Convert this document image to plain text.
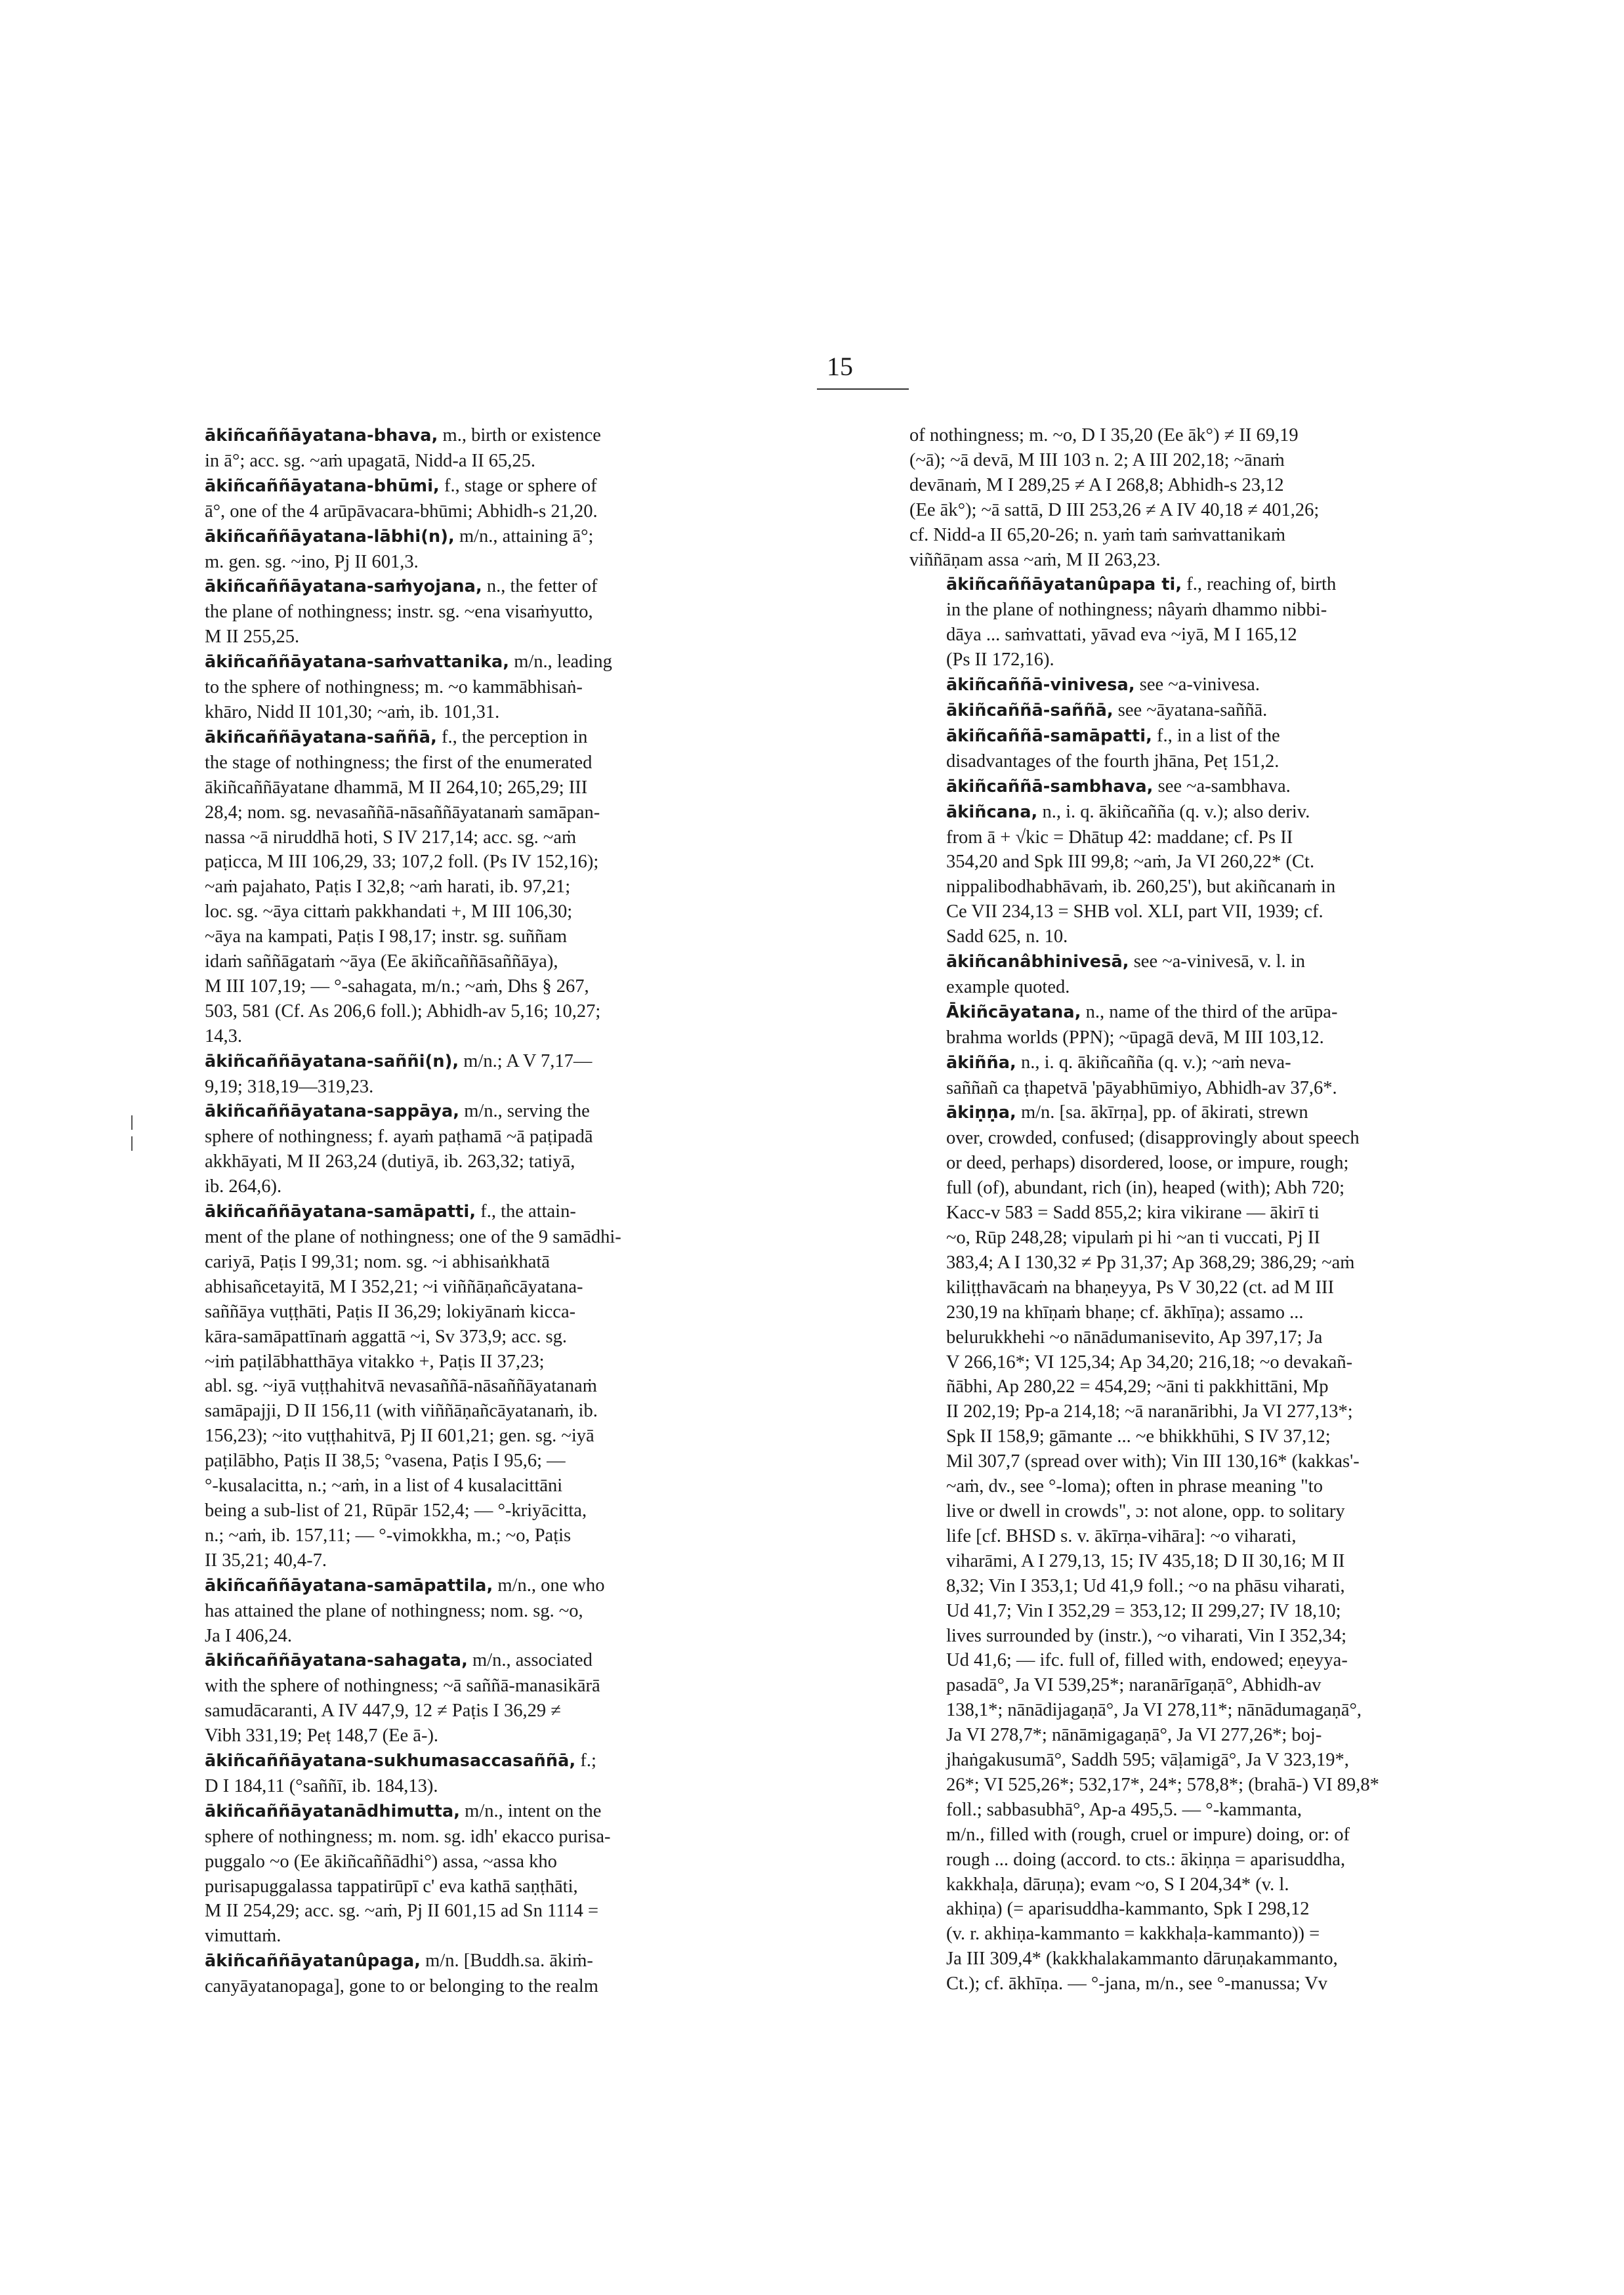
15

ākiñcaññāyatana-bhava, m., birth or existence
in ā°; acc. sg. ~aṁ upagatā, Nidd-a II 65,25.

ākiñcaññāyatana-bhūmi, f., stage or sphere of
ā°, one of the 4 arūpāvacara-bhūmi; Abhidh-s 21,20.

ākiñcaññāyatana-lābhi(n), m/n., attaining ā°;
m. gen. sg. ~ino, Pj II 601,3.

ākiñcaññāyatana-saṁyojana, n., the fetter of
the plane of nothingness; instr. sg. ~ena visaṁyutto,
M II 255,25.

ākiñcaññāyatana-saṁvattanika, m/n., leading
to the sphere of nothingness; m. ~o kammābhisaṅ-
khāro, Nidd II 101,30; ~aṁ, ib. 101,31.

ākiñcaññāyatana-saññā, f., the perception in
the stage of nothingness; the first of the enumerated
ākiñcaññāyatane dhammā, M II 264,10; 265,29; III
28,4; nom. sg. nevasaññā-nāsaññāyatanaṁ samāpan-
nassa ~ā niruddhā hoti, S IV 217,14; acc. sg. ~aṁ
paṭicca, M III 106,29, 33; 107,2 foll. (Ps IV 152,16);
~aṁ pajahato, Paṭis I 32,8; ~aṁ harati, ib. 97,21;
loc. sg. ~āya cittaṁ pakkhandati +, M III 106,30;
~āya na kampati, Paṭis I 98,17; instr. sg. suññam
idaṁ saññāgataṁ ~āya (Ee ākiñcaññāsaññāya),
M III 107,19; — °-sahagata, m/n.; ~aṁ, Dhs § 267,
503, 581 (Cf. As 206,6 foll.); Abhidh-av 5,16; 10,27;
14,3.

ākiñcaññāyatana-saññi(n), m/n.; A V 7,17—
9,19; 318,19—319,23.

ākiñcaññāyatana-sappāya, m/n., serving the
sphere of nothingness; f. ayaṁ paṭhamā ~ā paṭipadā
akkhāyati, M II 263,24 (dutiyā, ib. 263,32; tatiyā,
ib. 264,6).

ākiñcaññāyatana-samāpatti, f., the attain-
ment of the plane of nothingness; one of the 9 samādhi-
cariyā, Paṭis I 99,31; nom. sg. ~i abhisaṅkhatā
abhisañcetayitā, M I 352,21; ~i viññāṇañcāyatana-
saññāya vuṭṭhāti, Paṭis II 36,29; lokiyānaṁ kicca-
kāra-samāpattīnaṁ aggattā ~i, Sv 373,9; acc. sg.
~iṁ paṭilābhatthāya vitakko +, Paṭis II 37,23;
abl. sg. ~iyā vuṭṭhahitvā nevasaññā-nāsaññāyatanaṁ
samāpajji, D II 156,11 (with viññāṇañcāyatanaṁ, ib.
156,23); ~ito vuṭṭhahitvā, Pj II 601,21; gen. sg. ~iyā
paṭilābho, Paṭis II 38,5; °vasena, Paṭis I 95,6; —
°-kusalacitta, n.; ~aṁ, in a list of 4 kusalacittāni
being a sub-list of 21, Rūpār 152,4; — °-kriyācitta,
n.; ~aṁ, ib. 157,11; — °-vimokkha, m.; ~o, Paṭis
II 35,21; 40,4-7.

ākiñcaññāyatana-samāpattila, m/n., one who
has attained the plane of nothingness; nom. sg. ~o,
Ja I 406,24.

ākiñcaññāyatana-sahagata, m/n., associated
with the sphere of nothingness; ~ā saññā-manasikārā
samudācaranti, A IV 447,9, 12 ≠ Paṭis I 36,29 ≠
Vibh 331,19; Peṭ 148,7 (Ee ā-).

ākiñcaññāyatana-sukhumasaccasaññā, f.;
D I 184,11 (°saññī, ib. 184,13).

ākiñcaññāyatanādhimutta, m/n., intent on the
sphere of nothingness; m. nom. sg. idh' ekacco purisa-
puggalo ~o (Ee ākiñcaññādhi°) assa, ~assa kho
purisapuggalassa tappatirūpī c' eva kathā saṇṭhāti,
M II 254,29; acc. sg. ~aṁ, Pj II 601,15 ad Sn 1114 =
vimuttaṁ.

ākiñcaññāyatanûpaga, m/n. [Buddh.sa. ākiṁ-
canyāyatanopaga], gone to or belonging to the realm

of nothingness; m. ~o, D I 35,20 (Ee āk°) ≠ II 69,19
(~ā); ~ā devā, M III 103 n. 2; A III 202,18; ~ānaṁ
devānaṁ, M I 289,25 ≠ A I 268,8; Abhidh-s 23,12
(Ee āk°); ~ā sattā, D III 253,26 ≠ A IV 40,18 ≠ 401,26;
cf. Nidd-a II 65,20-26; n. yaṁ taṁ saṁvattanikaṁ
viññāṇam assa ~aṁ, M II 263,23.

ākiñcaññāyatanûpapa ti, f., reaching of, birth
in the plane of nothingness; nâyaṁ dhammo nibbi-
dāya ... saṁvattati, yāvad eva ~iyā, M I 165,12
(Ps II 172,16).

ākiñcaññā-vinivesa, see ~a-vinivesa.

ākiñcaññā-saññā, see ~āyatana-saññā.

ākiñcaññā-samāpatti, f., in a list of the
disadvantages of the fourth jhāna, Peṭ 151,2.

ākiñcaññā-sambhava, see ~a-sambhava.

ākiñcana, n., i. q. ākiñcañña (q. v.); also deriv.
from ā + √kic = Dhātup 42: maddane; cf. Ps II
354,20 and Spk III 99,8; ~aṁ, Ja VI 260,22* (Ct.
nippalibodhabhāvaṁ, ib. 260,25'), but akiñcanaṁ in
Ce VII 234,13 = SHB vol. XLI, part VII, 1939; cf.
Sadd 625, n. 10.

ākiñcanâbhinivesā, see ~a-vinivesā, v. l. in
example quoted.

Ākiñcāyatana, n., name of the third of the arūpa-
brahma worlds (PPN); ~ūpagā devā, M III 103,12.

ākiñña, n., i. q. ākiñcañña (q. v.); ~aṁ neva-
saññañ ca ṭhapetvā 'pāyabhūmiyo, Abhidh-av 37,6*.

ākiṇṇa, m/n. [sa. ākīrṇa], pp. of ākirati, strewn
over, crowded, confused; (disapprovingly about speech
or deed, perhaps) disordered, loose, or impure, rough;
full (of), abundant, rich (in), heaped (with); Abh 720;
Kacc-v 583 = Sadd 855,2; kira vikirane — ākirī ti
~o, Rūp 248,28; vipulaṁ pi hi ~an ti vuccati, Pj II
383,4; A I 130,32 ≠ Pp 31,37; Ap 368,29; 386,29; ~aṁ
kiliṭṭhavācaṁ na bhaṇeyya, Ps V 30,22 (ct. ad M III
230,19 na khīṇaṁ bhaṇe; cf. ākhīṇa); assamo ...
belurukkhehi ~o nānādumanisevito, Ap 397,17; Ja
V 266,16*; VI 125,34; Ap 34,20; 216,18; ~o devakañ-
ñābhi, Ap 280,22 = 454,29; ~āni ti pakkhittāni, Mp
II 202,19; Pp-a 214,18; ~ā naranāribhi, Ja VI 277,13*;
Spk II 158,9; gāmante ... ~e bhikkhūhi, S IV 37,12;
Mil 307,7 (spread over with); Vin III 130,16* (kakkas'-
~aṁ, dv., see °-loma); often in phrase meaning "to
live or dwell in crowds", ɔ: not alone, opp. to solitary
life [cf. BHSD s. v. ākīrṇa-vihāra]: ~o viharati,
viharāmi, A I 279,13, 15; IV 435,18; D II 30,16; M II
8,32; Vin I 353,1; Ud 41,9 foll.; ~o na phāsu viharati,
Ud 41,7; Vin I 352,29 = 353,12; II 299,27; IV 18,10;
lives surrounded by (instr.), ~o viharati, Vin I 352,34;
Ud 41,6; — ifc. full of, filled with, endowed; eṇeyya-
pasadā°, Ja VI 539,25*; naranārīgaṇā°, Abhidh-av
138,1*; nānādijagaṇā°, Ja VI 278,11*; nānādumagaṇā°,
Ja VI 278,7*; nānāmigagaṇā°, Ja VI 277,26*; boj-
jhaṅgakusumā°, Saddh 595; vāḷamigā°, Ja V 323,19*,
26*; VI 525,26*; 532,17*, 24*; 578,8*; (brahā-) VI 89,8*
foll.; sabbasubhā°, Ap-a 495,5. — °-kammanta,
m/n., filled with (rough, cruel or impure) doing, or: of
rough ... doing (accord. to cts.: ākiṇṇa = aparisuddha,
kakkhaḷa, dāruṇa); evam ~o, S I 204,34* (v. l.
akhiṇa) (= aparisuddha-kammanto, Spk I 298,12
(v. r. akhiṇa-kammanto = kakkhaḷa-kammanto)) =
Ja III 309,4* (kakkhalakammanto dāruṇakammanto,
Ct.); cf. ākhīṇa. — °-jana, m/n., see °-manussa; Vv
